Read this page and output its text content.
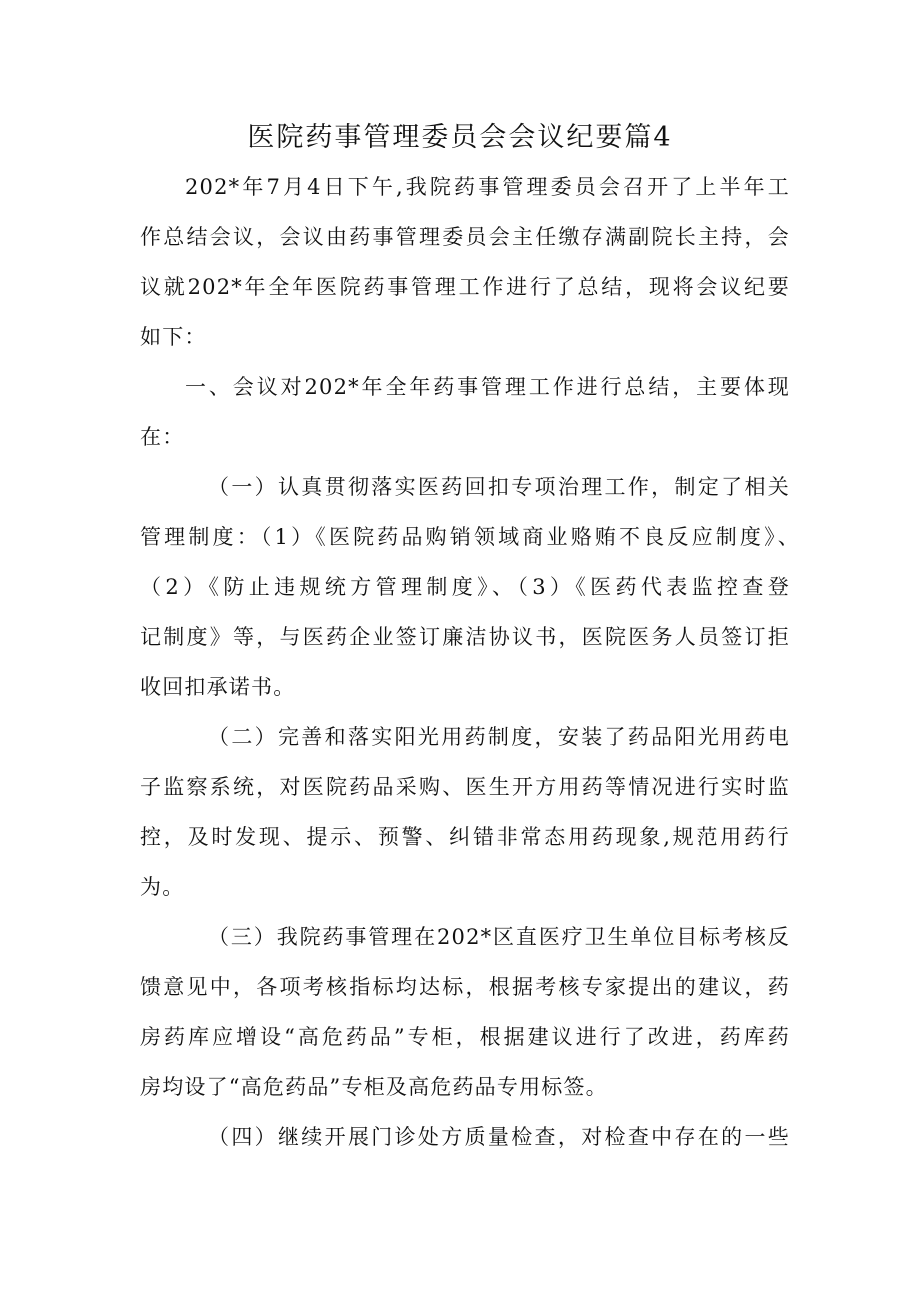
医院药事管理委员会会议纪要篇4
202*年7月4日下午,我院药事管理委员会召开了上半年工
作总结会议，会议由药事管理委员会主任缴存满副院长主持，会
议就202*年全年医院药事管理工作进行了总结，现将会议纪要
如下：
一、会议对202*年全年药事管理工作进行总结，主要体现
在：
（一）认真贯彻落实医药回扣专项治理工作，制定了相关
管理制度：（1）《医院药品购销领域商业赂贿不良反应制度》、
（2）《防止违规统方管理制度》、（3）《医药代表监控查登
记制度》等，与医药企业签订廉洁协议书，医院医务人员签订拒
收回扣承诺书。
（二）完善和落实阳光用药制度，安装了药品阳光用药电
子监察系统，对医院药品采购、医生开方用药等情况进行实时监
控，及时发现、提示、预警、纠错非常态用药现象,规范用药行
为。
（三）我院药事管理在202*区直医疗卫生单位目标考核反
馈意见中，各项考核指标均达标，根据考核专家提出的建议，药
房药库应增设“高危药品”专柜，根据建议进行了改进，药库药
房均设了“高危药品”专柜及高危药品专用标签。
（四）继续开展门诊处方质量检查，对检查中存在的一些
